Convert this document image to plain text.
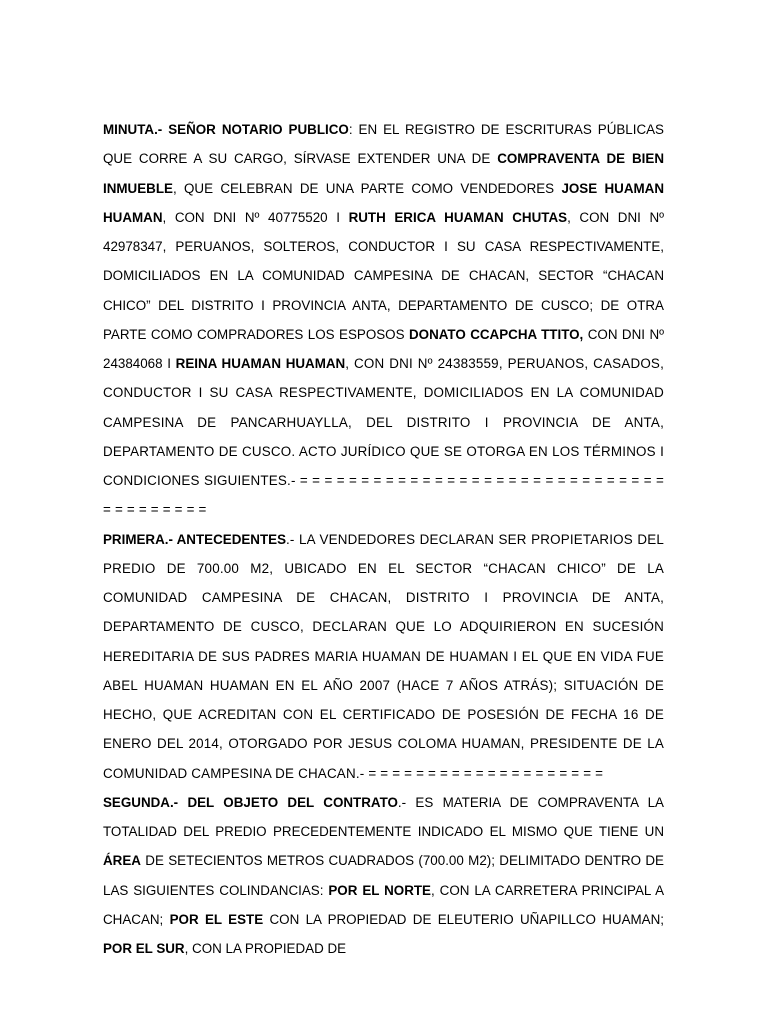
MINUTA.- SEÑOR NOTARIO PUBLICO: EN EL REGISTRO DE ESCRITURAS PÚBLICAS QUE CORRE A SU CARGO, SÍRVASE EXTENDER UNA DE COMPRAVENTA DE BIEN INMUEBLE, QUE CELEBRAN DE UNA PARTE COMO VENDEDORES JOSE HUAMAN HUAMAN, CON DNI Nº 40775520 I RUTH ERICA HUAMAN CHUTAS, CON DNI Nº 42978347, PERUANOS, SOLTEROS, CONDUCTOR I SU CASA RESPECTIVAMENTE, DOMICILIADOS EN LA COMUNIDAD CAMPESINA DE CHACAN, SECTOR “CHACAN CHICO” DEL DISTRITO I PROVINCIA ANTA, DEPARTAMENTO DE CUSCO; DE OTRA PARTE COMO COMPRADORES LOS ESPOSOS DONATO CCAPCHA TTITO, CON DNI Nº 24384068 I REINA HUAMAN HUAMAN, CON DNI Nº 24383559, PERUANOS, CASADOS, CONDUCTOR I SU CASA RESPECTIVAMENTE, DOMICILIADOS EN LA COMUNIDAD CAMPESINA DE PANCARHUAYLLA, DEL DISTRITO I PROVINCIA DE ANTA, DEPARTAMENTO DE CUSCO. ACTO JURÍDICO QUE SE OTORGA EN LOS TÉRMINOS I CONDICIONES SIGUIENTES.- = = = = = = = = = = = = = = = = = = = = = = = = = = = = = = = = = = = = = = =

PRIMERA.- ANTECEDENTES.- LA VENDEDORES DECLARAN SER PROPIETARIOS DEL PREDIO DE 700.00 M2, UBICADO EN EL SECTOR “CHACAN CHICO” DE LA COMUNIDAD CAMPESINA DE CHACAN, DISTRITO I PROVINCIA DE ANTA, DEPARTAMENTO DE CUSCO, DECLARAN QUE LO ADQUIRIERON EN SUCESIÓN HEREDITARIA DE SUS PADRES MARIA HUAMAN DE HUAMAN I EL QUE EN VIDA FUE ABEL HUAMAN HUAMAN EN EL AÑO 2007 (HACE 7 AÑOS ATRÁS); SITUACIÓN DE HECHO, QUE ACREDITAN CON EL CERTIFICADO DE POSESIÓN DE FECHA 16 DE ENERO DEL 2014, OTORGADO POR JESUS COLOMA HUAMAN, PRESIDENTE DE LA COMUNIDAD CAMPESINA DE CHACAN.- = = = = = = = = = = = = = = = = = = = =

SEGUNDA.- DEL OBJETO DEL CONTRATO.- ES MATERIA DE COMPRAVENTA LA TOTALIDAD DEL PREDIO PRECEDENTEMENTE INDICADO EL MISMO QUE TIENE UN ÁREA DE SETECIENTOS METROS CUADRADOS (700.00 M2); DELIMITADO DENTRO DE LAS SIGUIENTES COLINDANCIAS: POR EL NORTE, CON LA CARRETERA PRINCIPAL A CHACAN; POR EL ESTE CON LA PROPIEDAD DE ELEUTERIO UÑAPILLCO HUAMAN; POR EL SUR, CON LA PROPIEDAD DE
